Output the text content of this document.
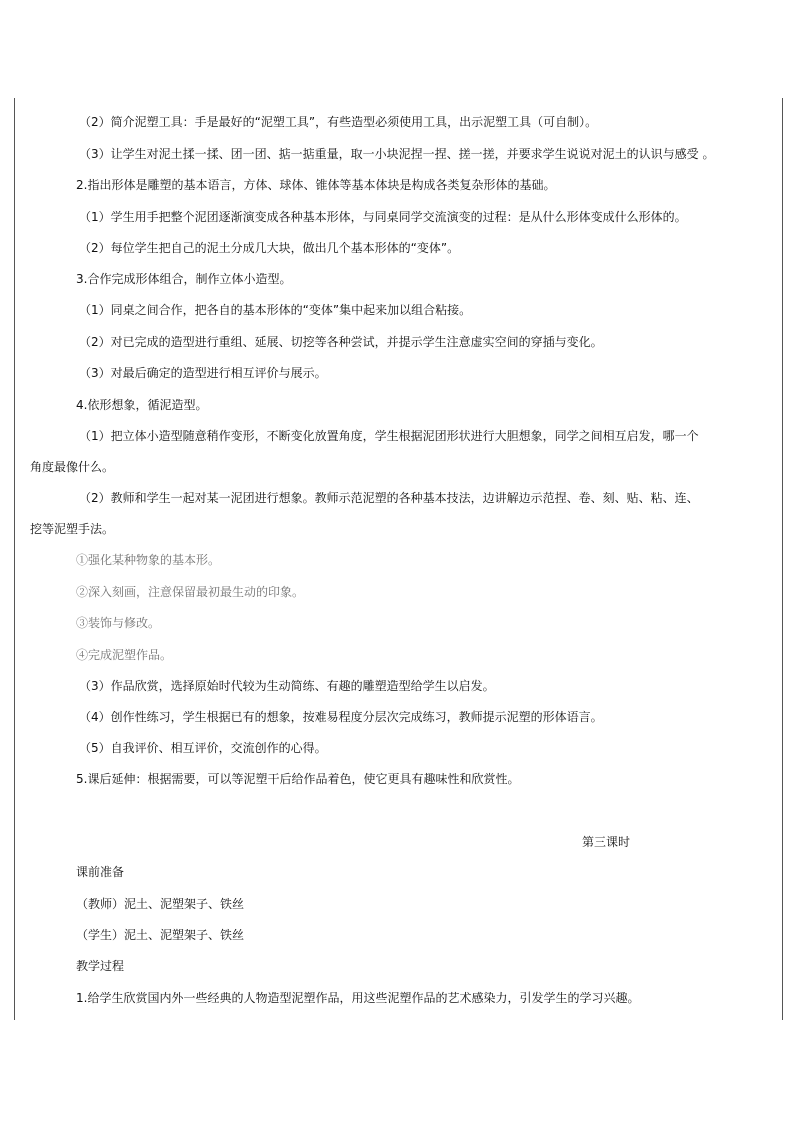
（2）简介泥塑工具：手是最好的“泥塑工具”，有些造型必须使用工具，出示泥塑工具（可自制）。
（3）让学生对泥土揉一揉、团一团、掂一掂重量，取一小块泥捏一捏、搓一搓，并要求学生说说对泥土的认识与感受 。
2.指出形体是雕塑的基本语言，方体、球体、锥体等基本体块是构成各类复杂形体的基础。
（1）学生用手把整个泥团逐渐演变成各种基本形体，与同桌同学交流演变的过程：是从什么形体变成什么形体的。
（2）每位学生把自己的泥土分成几大块，做出几个基本形体的“变体”。
3.合作完成形体组合，制作立体小造型。
（1）同桌之间合作，把各自的基本形体的“变体”集中起来加以组合粘接。
（2）对已完成的造型进行重组、延展、切挖等各种尝试，并提示学生注意虚实空间的穿插与变化。
（3）对最后确定的造型进行相互评价与展示。
4.依形想象，循泥造型。
（1）把立体小造型随意稍作变形，不断变化放置角度，学生根据泥团形状进行大胆想象，同学之间相互启发，哪一个
角度最像什么。
（2）教师和学生一起对某一泥团进行想象。教师示范泥塑的各种基本技法，边讲解边示范捏、卷、刻、贴、粘、连、
挖等泥塑手法。
①强化某种物象的基本形。
②深入刻画，注意保留最初最生动的印象。
③装饰与修改。
④完成泥塑作品。
（3）作品欣赏，选择原始时代较为生动简练、有趣的雕塑造型给学生以启发。
（4）创作性练习，学生根据已有的想象，按难易程度分层次完成练习，教师提示泥塑的形体语言。
（5）自我评价、相互评价，交流创作的心得。
5.课后延伸：根据需要，可以等泥塑干后给作品着色，使它更具有趣味性和欣赏性。
第三课时
课前准备
（教师）泥土、泥塑架子、铁丝
（学生）泥土、泥塑架子、铁丝
教学过程
1.给学生欣赏国内外一些经典的人物造型泥塑作品，用这些泥塑作品的艺术感染力，引发学生的学习兴趣。
